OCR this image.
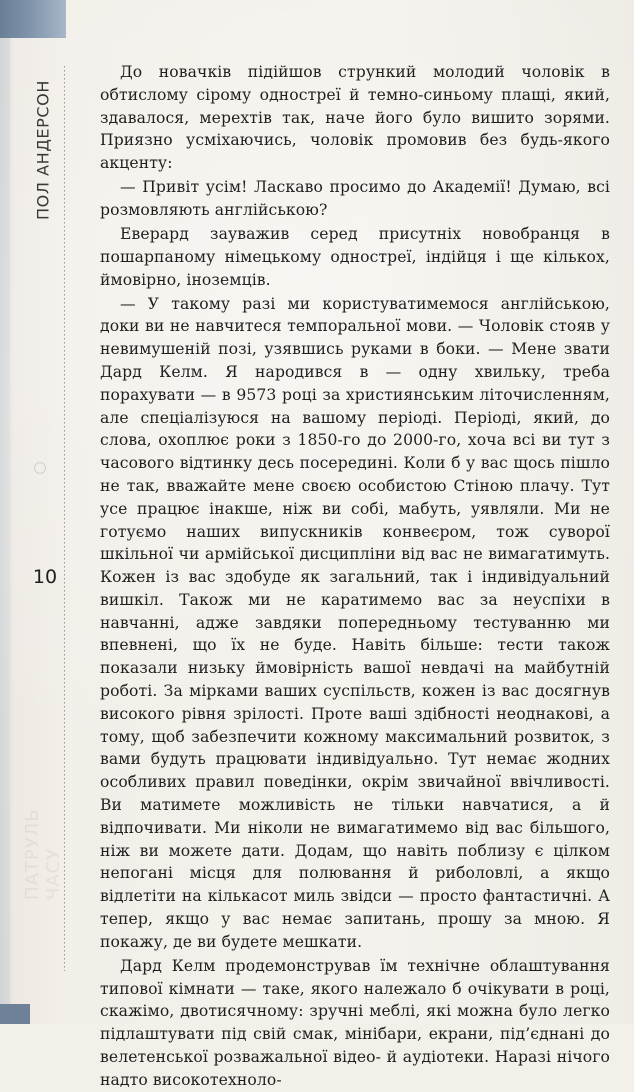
ПОЛ АНДЕРСОН
10
ПАТРУЛЬ ЧАСУ

До новачків підійшов стрункий молодий чоловік в обтислому сірому одностреї й темно-синьому плащі, який, здавалося, мерехтів так, наче його було вишито зорями. Приязно усміхаючись, чоловік промовив без будь-якого акценту:

— Привіт усім! Ласкаво просимо до Академії! Думаю, всі розмовляють англійською?

Еверард зауважив серед присутніх новобранця в пошарпаному німецькому одностреї, індійця і ще кількох, ймовірно, іноземців.

— У такому разі ми користуватимемося англійською, доки ви не навчитеся темпоральної мови. — Чоловік стояв у невимушеній позі, узявшись руками в боки. — Мене звати Дард Келм. Я народився в — одну хвильку, треба порахувати — в 9573 році за християнським літочисленням, але спеціалізуюся на вашому періоді. Періоді, який, до слова, охоплює роки з 1850-го до 2000-го, хоча всі ви тут з часового відтинку десь посередині. Коли б у вас щось пішло не так, вважайте мене своєю особистою Стіною плачу. Тут усе працює інакше, ніж ви собі, мабуть, уявляли. Ми не готуємо наших випускників конвеєром, тож суворої шкільної чи армійської дисципліни від вас не вимагатимуть. Кожен із вас здобуде як загальний, так і індивідуальний вишкіл. Також ми не каратимемо вас за неуспіхи в навчанні, адже завдяки попередньому тестуванню ми впевнені, що їх не буде. Навіть більше: тести також показали низьку ймовірність вашої невдачі на майбутній роботі. За мірками ваших суспільств, кожен із вас досягнув високого рівня зрілості. Проте ваші здібності неоднакові, а тому, щоб забезпечити кожному максимальний розвиток, з вами будуть працювати індивідуально. Тут немає жодних особливих правил поведінки, окрім звичайної ввічливості. Ви матимете можливість не тільки навчатися, а й відпочивати. Ми ніколи не вимагатимемо від вас більшого, ніж ви можете дати. Додам, що навіть поблизу є цілком непогані місця для полювання й риболовлі, а якщо відлетіти на кількасот миль звідси — просто фантастичні. А тепер, якщо у вас немає запитань, прошу за мною. Я покажу, де ви будете мешкати.

Дард Келм продемонстрував їм технічне облаштування типової кімнати — таке, якого належало б очікувати в році, скажімо, двотисячному: зручні меблі, які можна було легко підлаштувати під свій смак, мінібари, екрани, під’єднані до велетенської розважальної відео- й аудіотеки. Наразі нічого надто високотехноло-
